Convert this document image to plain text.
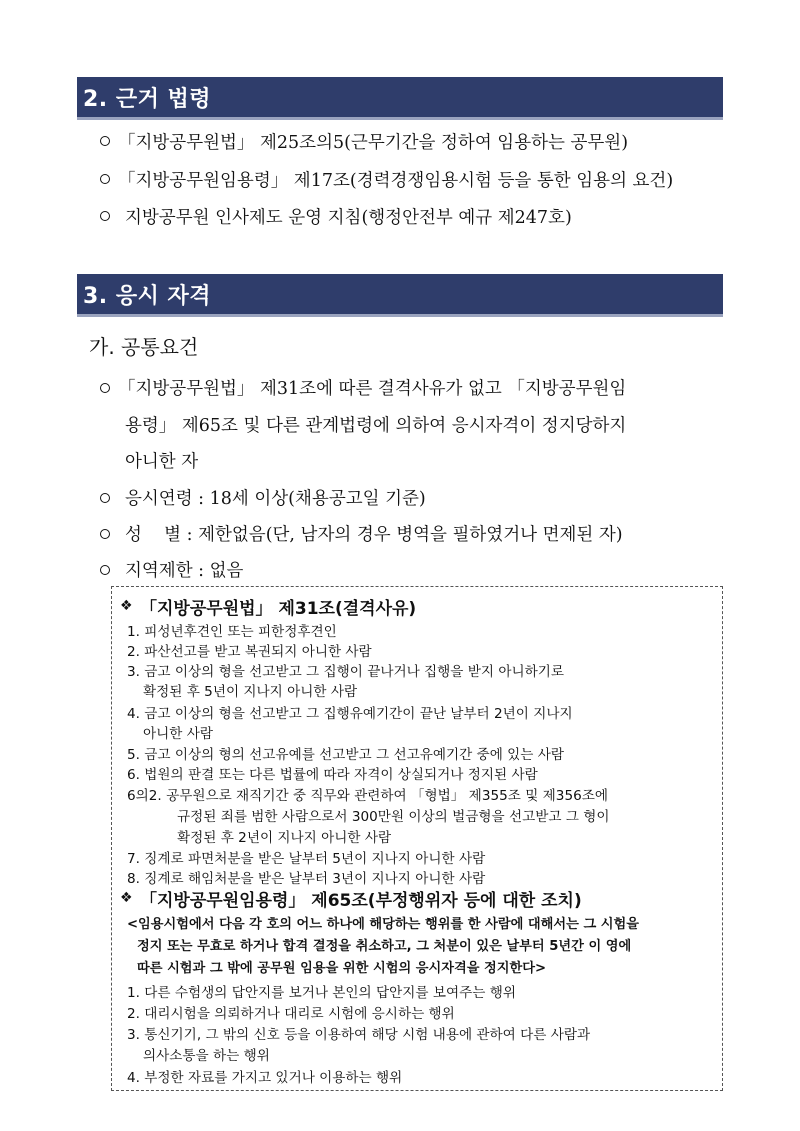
2. 근거 법령
「지방공무원법」 제25조의5(근무기간을 정하여 임용하는 공무원)
「지방공무원임용령」 제17조(경력경쟁임용시험 등을 통한 임용의 요건)
지방공무원 인사제도 운영 지침(행정안전부 예규 제247호)
3. 응시 자격
가. 공통요건
「지방공무원법」 제31조에 따른 결격사유가 없고 「지방공무원임
용령」 제65조 및 다른 관계법령에 의하여 응시자격이 정지당하지
아니한 자
응시연령 : 18세 이상(채용공고일 기준)
성    별 : 제한없음(단, 남자의 경우 병역을 필하였거나 면제된 자)
지역제한 : 없음
❖ 「지방공무원법」 제31조(결격사유)
1. 피성년후견인 또는 피한정후견인
2. 파산선고를 받고 복권되지 아니한 사람
3. 금고 이상의 형을 선고받고 그 집행이 끝나거나 집행을 받지 아니하기로
확정된 후 5년이 지나지 아니한 사람
4. 금고 이상의 형을 선고받고 그 집행유예기간이 끝난 날부터 2년이 지나지
아니한 사람
5. 금고 이상의 형의 선고유예를 선고받고 그 선고유예기간 중에 있는 사람
6. 법원의 판결 또는 다른 법률에 따라 자격이 상실되거나 정지된 사람
6의2. 공무원으로 재직기간 중 직무와 관련하여 「형법」 제355조 및 제356조에
규정된 죄를 범한 사람으로서 300만원 이상의 벌금형을 선고받고 그 형이
확정된 후 2년이 지나지 아니한 사람
7. 징계로 파면처분을 받은 날부터 5년이 지나지 아니한 사람
8. 징계로 해임처분을 받은 날부터 3년이 지나지 아니한 사람
❖ 「지방공무원임용령」 제65조(부정행위자 등에 대한 조치)
<임용시험에서 다음 각 호의 어느 하나에 해당하는 행위를 한 사람에 대해서는 그 시험을
정지 또는 무효로 하거나 합격 결정을 취소하고, 그 처분이 있은 날부터 5년간 이 영에
따른 시험과 그 밖에 공무원 임용을 위한 시험의 응시자격을 정지한다>
1. 다른 수험생의 답안지를 보거나 본인의 답안지를 보여주는 행위
2. 대리시험을 의뢰하거나 대리로 시험에 응시하는 행위
3. 통신기기, 그 밖의 신호 등을 이용하여 해당 시험 내용에 관하여 다른 사람과
의사소통을 하는 행위
4. 부정한 자료를 가지고 있거나 이용하는 행위
